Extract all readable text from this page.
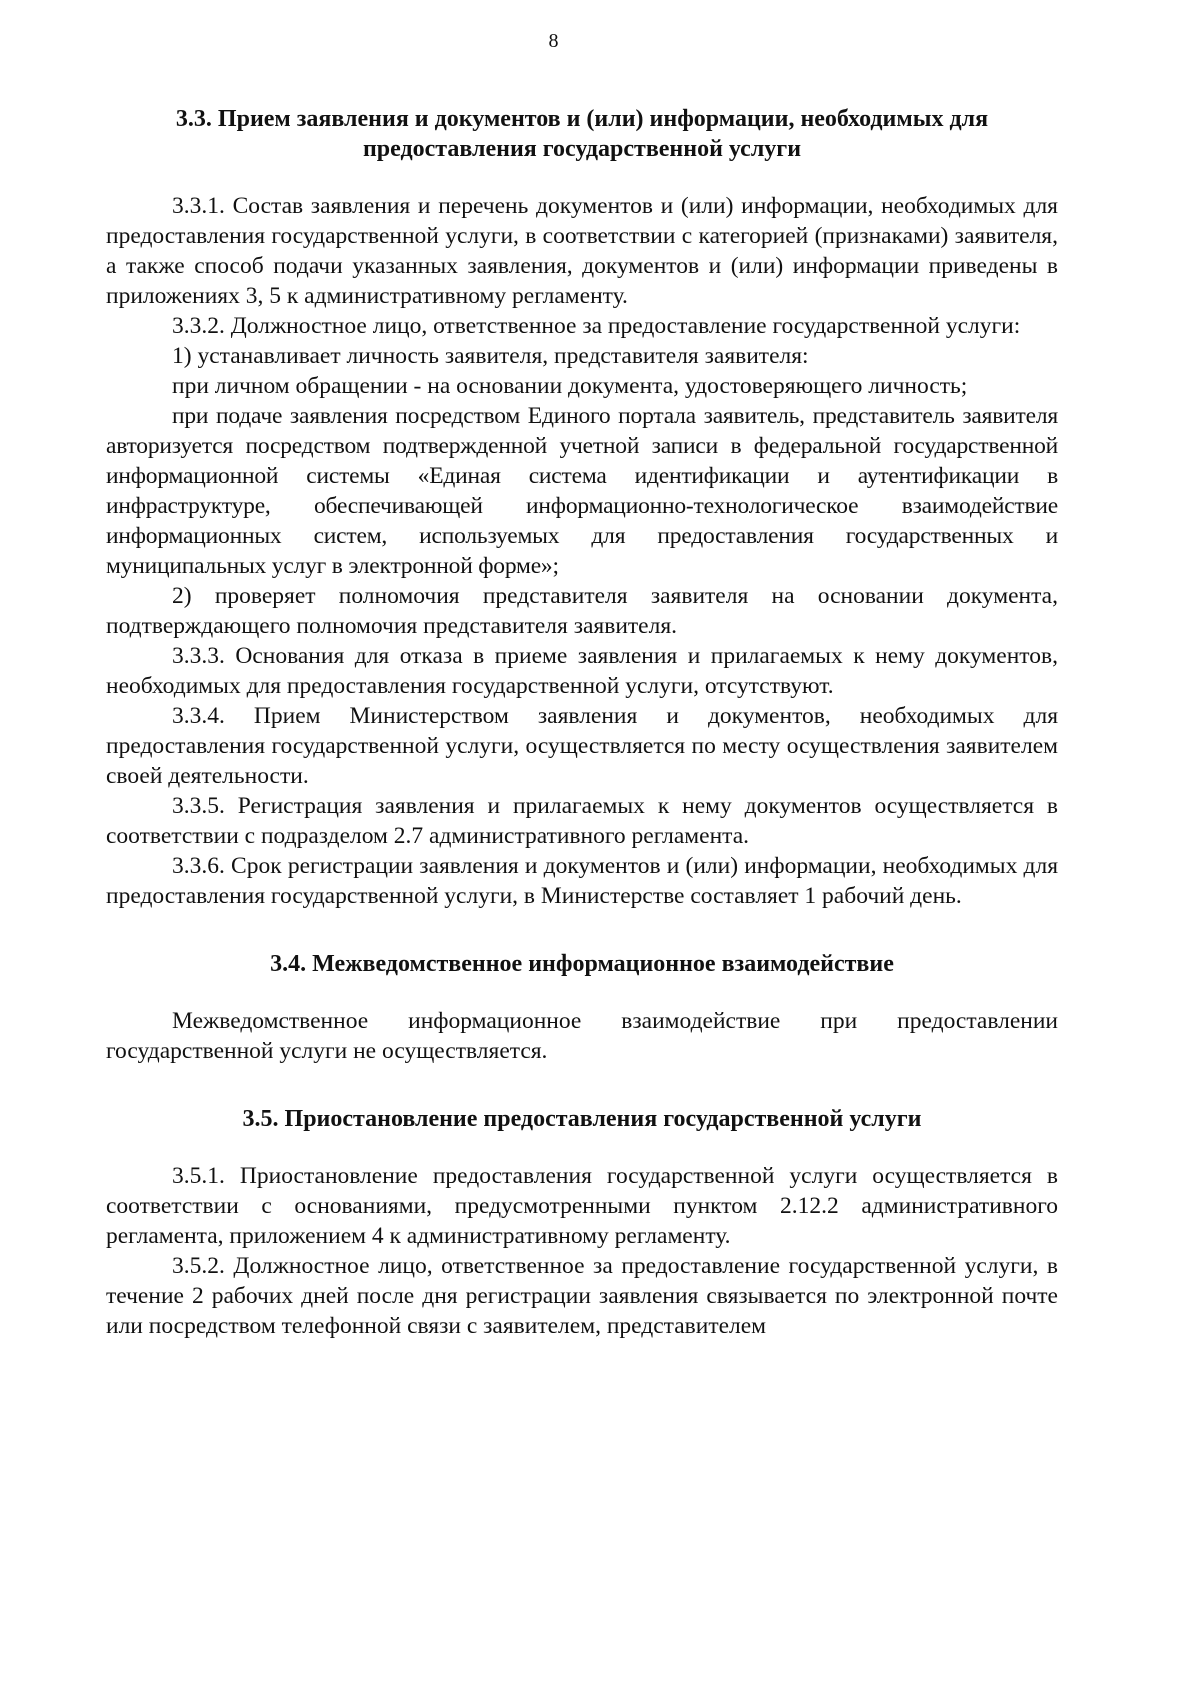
8
3.3. Прием заявления и документов и (или) информации, необходимых для предоставления государственной услуги

3.3.1. Состав заявления и перечень документов и (или) информации, необходимых для предоставления государственной услуги, в соответствии с категорией (признаками) заявителя, а также способ подачи указанных заявления, документов и (или) информации приведены в приложениях 3, 5 к административному регламенту.

3.3.2. Должностное лицо, ответственное за предоставление государственной услуги:

1) устанавливает личность заявителя, представителя заявителя:

при личном обращении - на основании документа, удостоверяющего личность;

при подаче заявления посредством Единого портала заявитель, представитель заявителя авторизуется посредством подтвержденной учетной записи в федеральной государственной информационной системы «Единая система идентификации и аутентификации в инфраструктуре, обеспечивающей информационно-технологическое взаимодействие информационных систем, используемых для предоставления государственных и муниципальных услуг в электронной форме»;

2) проверяет полномочия представителя заявителя на основании документа, подтверждающего полномочия представителя заявителя.

3.3.3. Основания для отказа в приеме заявления и прилагаемых к нему документов, необходимых для предоставления государственной услуги, отсутствуют.

3.3.4. Прием Министерством заявления и документов, необходимых для предоставления государственной услуги, осуществляется по месту осуществления заявителем своей деятельности.

3.3.5. Регистрация заявления и прилагаемых к нему документов осуществляется в соответствии с подразделом 2.7 административного регламента.

3.3.6. Срок регистрации заявления и документов и (или) информации, необходимых для предоставления государственной услуги, в Министерстве составляет 1 рабочий день.

3.4. Межведомственное информационное взаимодействие

Межведомственное информационное взаимодействие при предоставлении государственной услуги не осуществляется.

3.5. Приостановление предоставления государственной услуги

3.5.1. Приостановление предоставления государственной услуги осуществляется в соответствии с основаниями, предусмотренными пунктом 2.12.2 административного регламента, приложением 4 к административному регламенту.

3.5.2. Должностное лицо, ответственное за предоставление государственной услуги, в течение 2 рабочих дней после дня регистрации заявления связывается по электронной почте или посредством телефонной связи с заявителем, представителем
